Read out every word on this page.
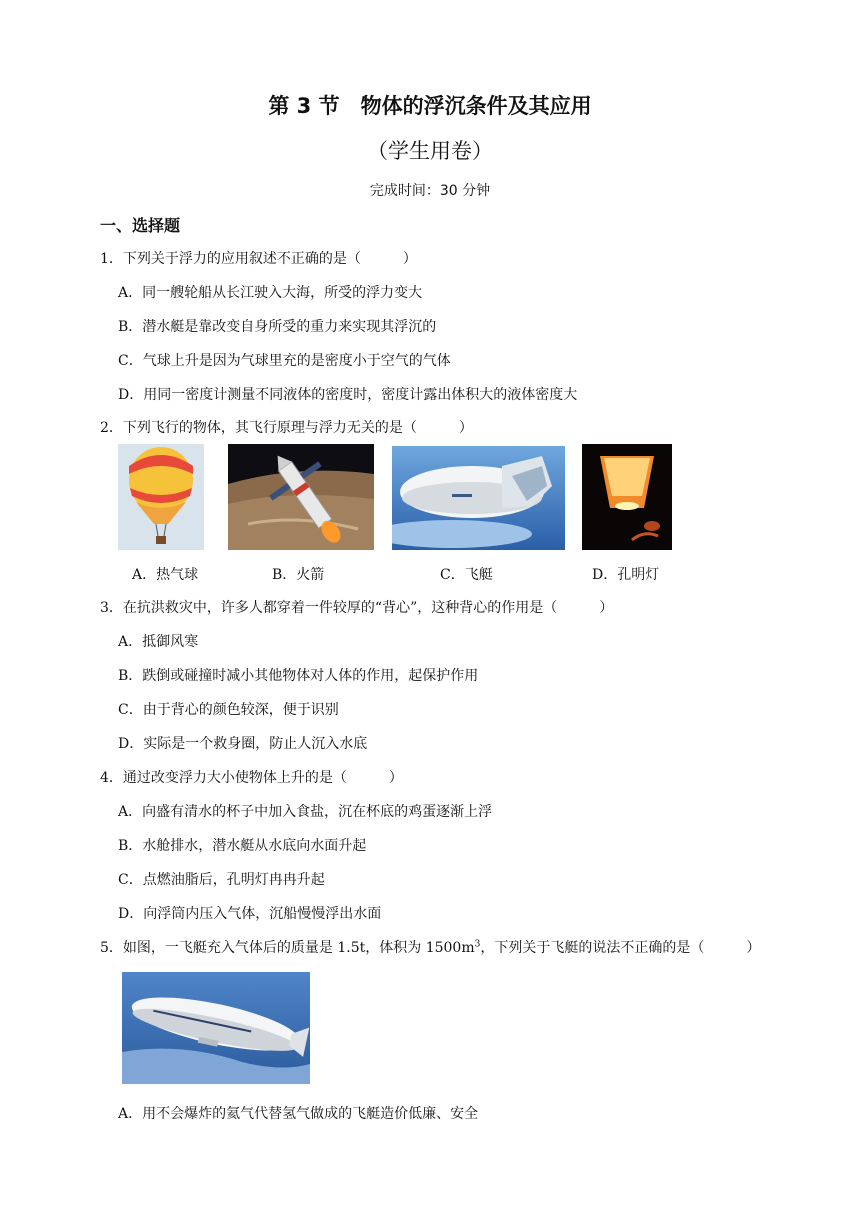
第 3 节　物体的浮沉条件及其应用
（学生用卷）
完成时间：30 分钟
一、选择题
1．下列关于浮力的应用叙述不正确的是（　　　）
A．同一艘轮船从长江驶入大海，所受的浮力变大
B．潜水艇是靠改变自身所受的重力来实现其浮沉的
C．气球上升是因为气球里充的是密度小于空气的气体
D．用同一密度计测量不同液体的密度时，密度计露出体积大的液体密度大
2．下列飞行的物体，其飞行原理与浮力无关的是（　　　）
A．热气球	B．火箭	C．飞艇	D．孔明灯
3．在抗洪救灾中，许多人都穿着一件较厚的“背心”，这种背心的作用是（　　　）
A．抵御风寒
B．跌倒或碰撞时减小其他物体对人体的作用，起保护作用
C．由于背心的颜色较深，便于识别
D．实际是一个救身圈，防止人沉入水底
4．通过改变浮力大小使物体上升的是（　　　）
A．向盛有清水的杯子中加入食盐，沉在杯底的鸡蛋逐渐上浮
B．水舱排水，潜水艇从水底向水面升起
C．点燃油脂后，孔明灯冉冉升起
D．向浮筒内压入气体，沉船慢慢浮出水面
5．如图，一飞艇充入气体后的质量是 1.5t，体积为 $1500m^3$，下列关于飞艇的说法不正确的是（　　　）
A．用不会爆炸的氦气代替氢气做成的飞艇造价低廉、安全
